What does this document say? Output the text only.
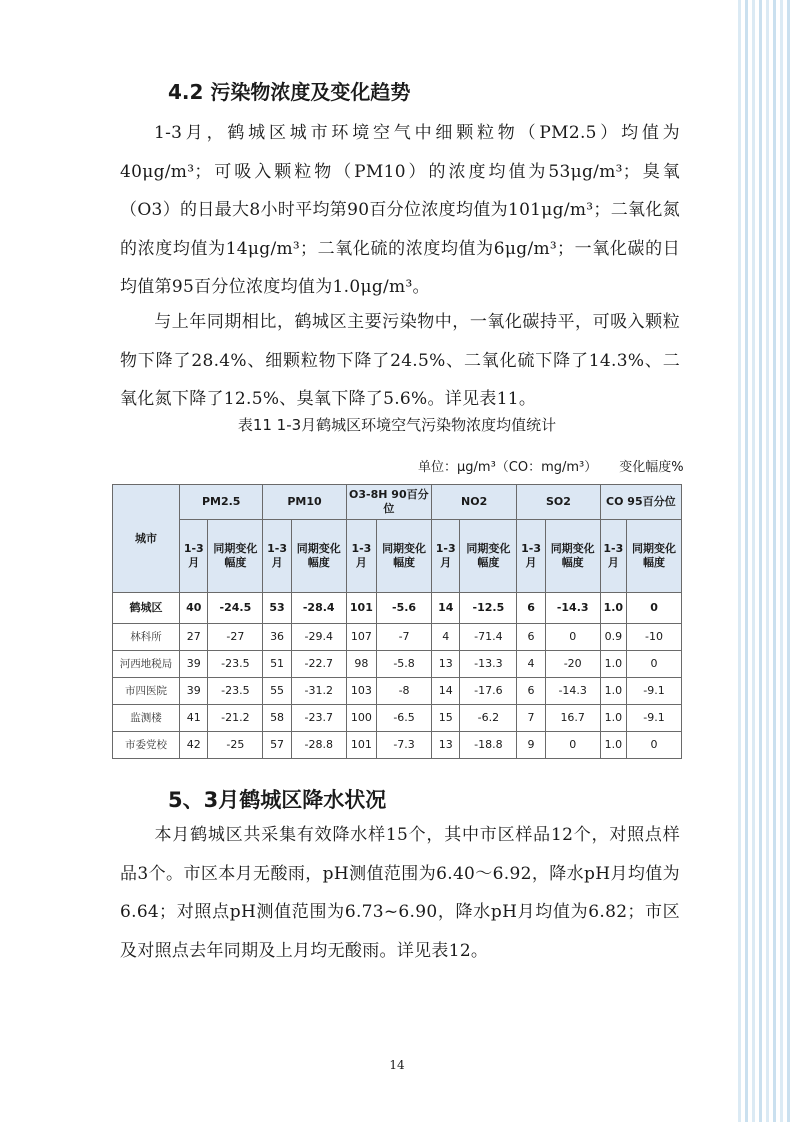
4.2 污染物浓度及变化趋势

1-3月，鹤城区城市环境空气中细颗粒物（PM2.5）均值为40μg/m³；可吸入颗粒物（PM10）的浓度均值为53μg/m³；臭氧（O3）的日最大8小时平均第90百分位浓度均值为101μg/m³；二氧化氮的浓度均值为14μg/m³；二氧化硫的浓度均值为6μg/m³；一氧化碳的日均值第95百分位浓度均值为1.0μg/m³。

与上年同期相比，鹤城区主要污染物中，一氧化碳持平，可吸入颗粒物下降了28.4%、细颗粒物下降了24.5%、二氧化硫下降了14.3%、二氧化氮下降了12.5%、臭氧下降了5.6%。详见表11。

表11 1-3月鹤城区环境空气污染物浓度均值统计
单位：μg/m³（CO：mg/m³） 变化幅度%
城市	PM2.5		PM10		O3-8H 90百分位		NO2		SO2		CO 95百分位	
	1-3月	同期变化幅度	1-3月	同期变化幅度	1-3月	同期变化幅度	1-3月	同期变化幅度	1-3月	同期变化幅度	1-3月	同期变化幅度
鹤城区	40	-24.5	53	-28.4	101	-5.6	14	-12.5	6	-14.3	1.0	0
林科所	27	-27	36	-29.4	107	-7	4	-71.4	6	0	0.9	-10
河西地税局	39	-23.5	51	-22.7	98	-5.8	13	-13.3	4	-20	1.0	0
市四医院	39	-23.5	55	-31.2	103	-8	14	-17.6	6	-14.3	1.0	-9.1
监测楼	41	-21.2	58	-23.7	100	-6.5	15	-6.2	7	16.7	1.0	-9.1
市委党校	42	-25	57	-28.8	101	-7.3	13	-18.8	9	0	1.0	0
5、3月鹤城区降水状况

本月鹤城区共采集有效降水样15个，其中市区样品12个，对照点样品3个。市区本月无酸雨，pH测值范围为6.40～6.92，降水pH月均值为6.64；对照点pH测值范围为6.73~6.90，降水pH月均值为6.82；市区及对照点去年同期及上月均无酸雨。详见表12。

14
